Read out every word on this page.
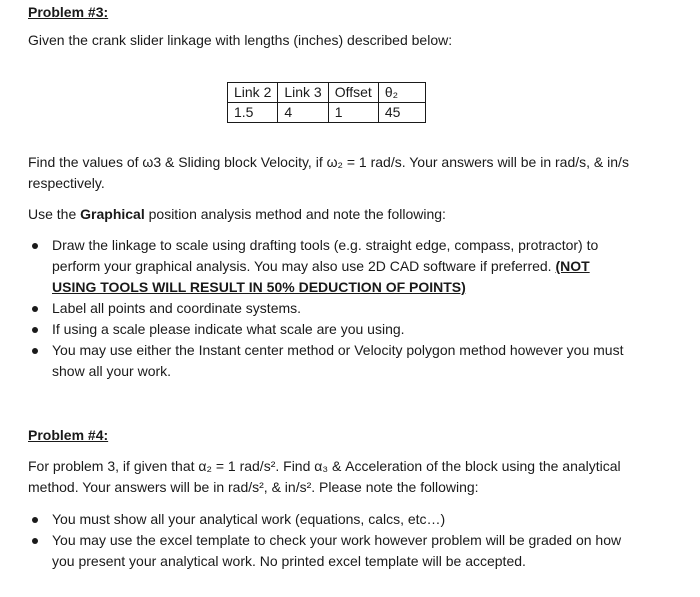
Problem #3:
Given the crank slider linkage with lengths (inches) described below:
Link 2	Link 3	Offset	θ₂
1.5	4	1	45
Find the values of ω3 & Sliding block Velocity, if ω₂ = 1 rad/s. Your answers will be in rad/s, & in/s respectively.
Use the Graphical position analysis method and note the following:
Draw the linkage to scale using drafting tools (e.g. straight edge, compass, protractor) to perform your graphical analysis. You may also use 2D CAD software if preferred. (NOT USING TOOLS WILL RESULT IN 50% DEDUCTION OF POINTS)
Label all points and coordinate systems.
If using a scale please indicate what scale are you using.
You may use either the Instant center method or Velocity polygon method however you must show all your work.
Problem #4:
For problem 3, if given that α₂ = 1 rad/s². Find α₃ & Acceleration of the block using the analytical method. Your answers will be in rad/s², & in/s². Please note the following:
You must show all your analytical work (equations, calcs, etc…)
You may use the excel template to check your work however problem will be graded on how you present your analytical work. No printed excel template will be accepted.
